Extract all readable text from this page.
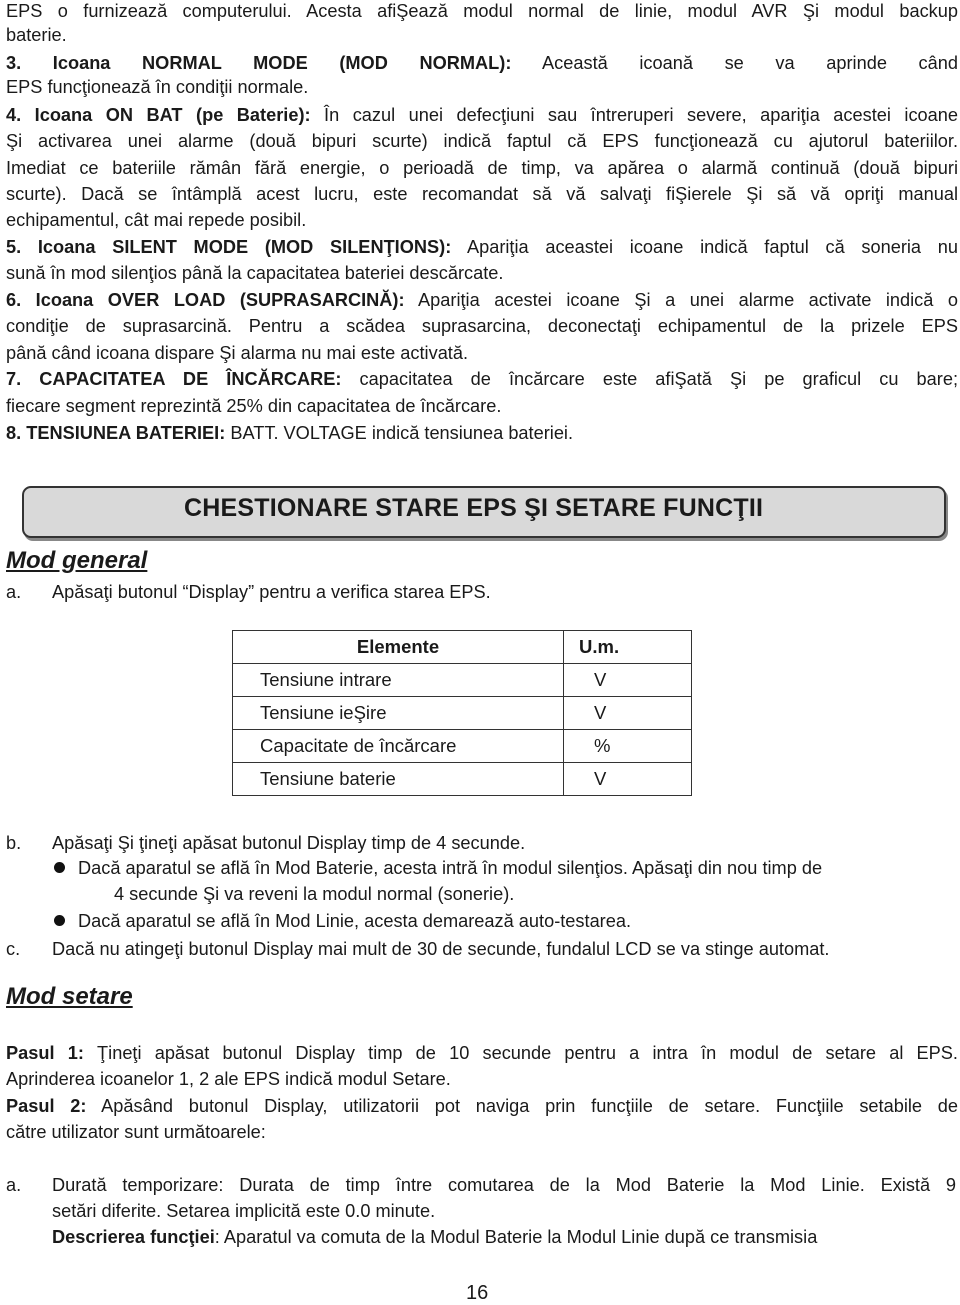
EPS o furnizează computerului. Acesta afiŞează modul normal de linie, modul AVR Şi modul backup
baterie.
3. Icoana NORMAL MODE (MOD NORMAL): Această icoană se va aprinde când
EPS funcţionează în condiţii normale.
4. Icoana ON BAT (pe Baterie): În cazul unei defecţiuni sau întreruperi severe, apariţia acestei icoane
Şi activarea unei alarme (două bipuri scurte) indică faptul că EPS funcţionează cu ajutorul bateriilor.
Imediat ce bateriile rămân fără energie, o perioadă de timp, va apărea o alarmă continuă (două bipuri
scurte). Dacă se întâmplă acest lucru, este recomandat să vă salvaţi fiŞierele Şi să vă opriţi manual
echipamentul, cât mai repede posibil.
5. Icoana SILENT MODE (MOD SILENŢIONS): Apariţia aceastei icoane indică faptul că soneria nu
sună în mod silenţios până la capacitatea bateriei descărcate.
6. Icoana OVER LOAD (SUPRASARCINĂ): Apariţia acestei icoane Şi a unei alarme activate indică o
condiţie de suprasarcină. Pentru a scădea suprasarcina, deconectaţi echipamentul de la prizele EPS
până când icoana dispare Şi alarma nu mai este activată.
7. CAPACITATEA DE ÎNCĂRCARE: capacitatea de încărcare este afiŞată Şi pe graficul cu bare;
fiecare segment reprezintă 25% din capacitatea de încărcare.
8. TENSIUNEA BATERIEI: BATT. VOLTAGE indică tensiunea bateriei.
CHESTIONARE STARE EPS ŞI SETARE FUNCŢII
Mod general
a. Apăsaţi butonul “Display” pentru a verifica starea EPS.
Elemente	U.m.
Tensiune intrare	V
Tensiune ieŞire	V
Capacitate de încărcare	%
Tensiune baterie	V
b. Apăsaţi Şi ţineţi apăsat butonul Display timp de 4 secunde.
Dacă aparatul se află în Mod Baterie, acesta intră în modul silenţios. Apăsaţi din nou timp de
4 secunde Şi va reveni la modul normal (sonerie).
Dacă aparatul se află în Mod Linie, acesta demarează auto-testarea.
c. Dacă nu atingeţi butonul Display mai mult de 30 de secunde, fundalul LCD se va stinge automat.
Mod setare
Pasul 1: Ţineţi apăsat butonul Display timp de 10 secunde pentru a intra în modul de setare al EPS.
Aprinderea icoanelor 1, 2 ale EPS indică modul Setare.
Pasul 2: Apăsând butonul Display, utilizatorii pot naviga prin funcţiile de setare. Funcţiile setabile de
către utilizator sunt următoarele:
a. Durată temporizare: Durata de timp între comutarea de la Mod Baterie la Mod Linie. Există 9
setări diferite. Setarea implicită este 0.0 minute.
Descrierea funcţiei: Aparatul va comuta de la Modul Baterie la Modul Linie după ce transmisia
16
